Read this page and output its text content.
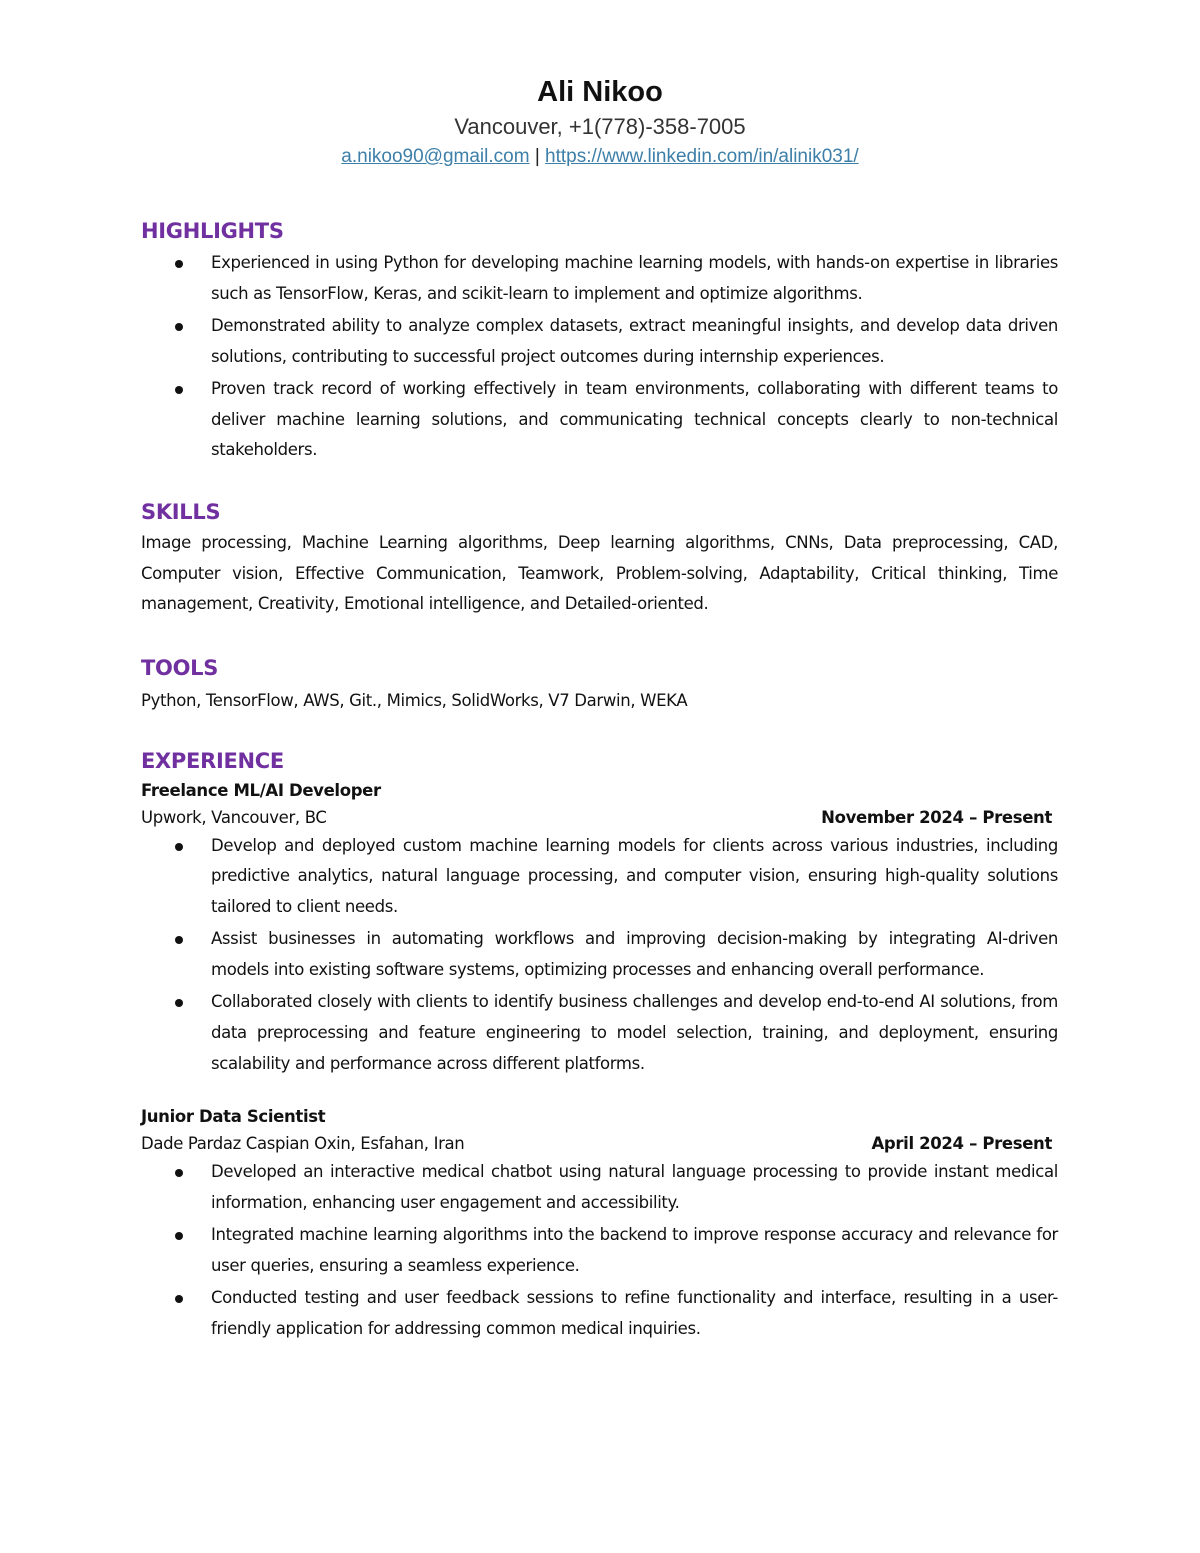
Ali Nikoo
Vancouver, +1(778)-358-7005
a.nikoo90@gmail.com | https://www.linkedin.com/in/alinik031/
HIGHLIGHTS
Experienced in using Python for developing machine learning models, with hands-on expertise in libraries such as TensorFlow, Keras, and scikit-learn to implement and optimize algorithms.
Demonstrated ability to analyze complex datasets, extract meaningful insights, and develop data driven solutions, contributing to successful project outcomes during internship experiences.
Proven track record of working effectively in team environments, collaborating with different teams to deliver machine learning solutions, and communicating technical concepts clearly to non-technical stakeholders.
SKILLS
Image processing, Machine Learning algorithms, Deep learning algorithms, CNNs, Data preprocessing, CAD, Computer vision, Effective Communication, Teamwork, Problem-solving, Adaptability, Critical thinking, Time management, Creativity, Emotional intelligence, and Detailed-oriented.
TOOLS
Python, TensorFlow, AWS, Git., Mimics, SolidWorks, V7 Darwin, WEKA
EXPERIENCE
Freelance ML/AI Developer
Upwork, Vancouver, BC	November 2024 – Present
Develop and deployed custom machine learning models for clients across various industries, including predictive analytics, natural language processing, and computer vision, ensuring high-quality solutions tailored to client needs.
Assist businesses in automating workflows and improving decision-making by integrating AI-driven models into existing software systems, optimizing processes and enhancing overall performance.
Collaborated closely with clients to identify business challenges and develop end-to-end AI solutions, from data preprocessing and feature engineering to model selection, training, and deployment, ensuring scalability and performance across different platforms.
Junior Data Scientist
Dade Pardaz Caspian Oxin, Esfahan, Iran	April 2024 – Present
Developed an interactive medical chatbot using natural language processing to provide instant medical information, enhancing user engagement and accessibility.
Integrated machine learning algorithms into the backend to improve response accuracy and relevance for user queries, ensuring a seamless experience.
Conducted testing and user feedback sessions to refine functionality and interface, resulting in a user-friendly application for addressing common medical inquiries.
